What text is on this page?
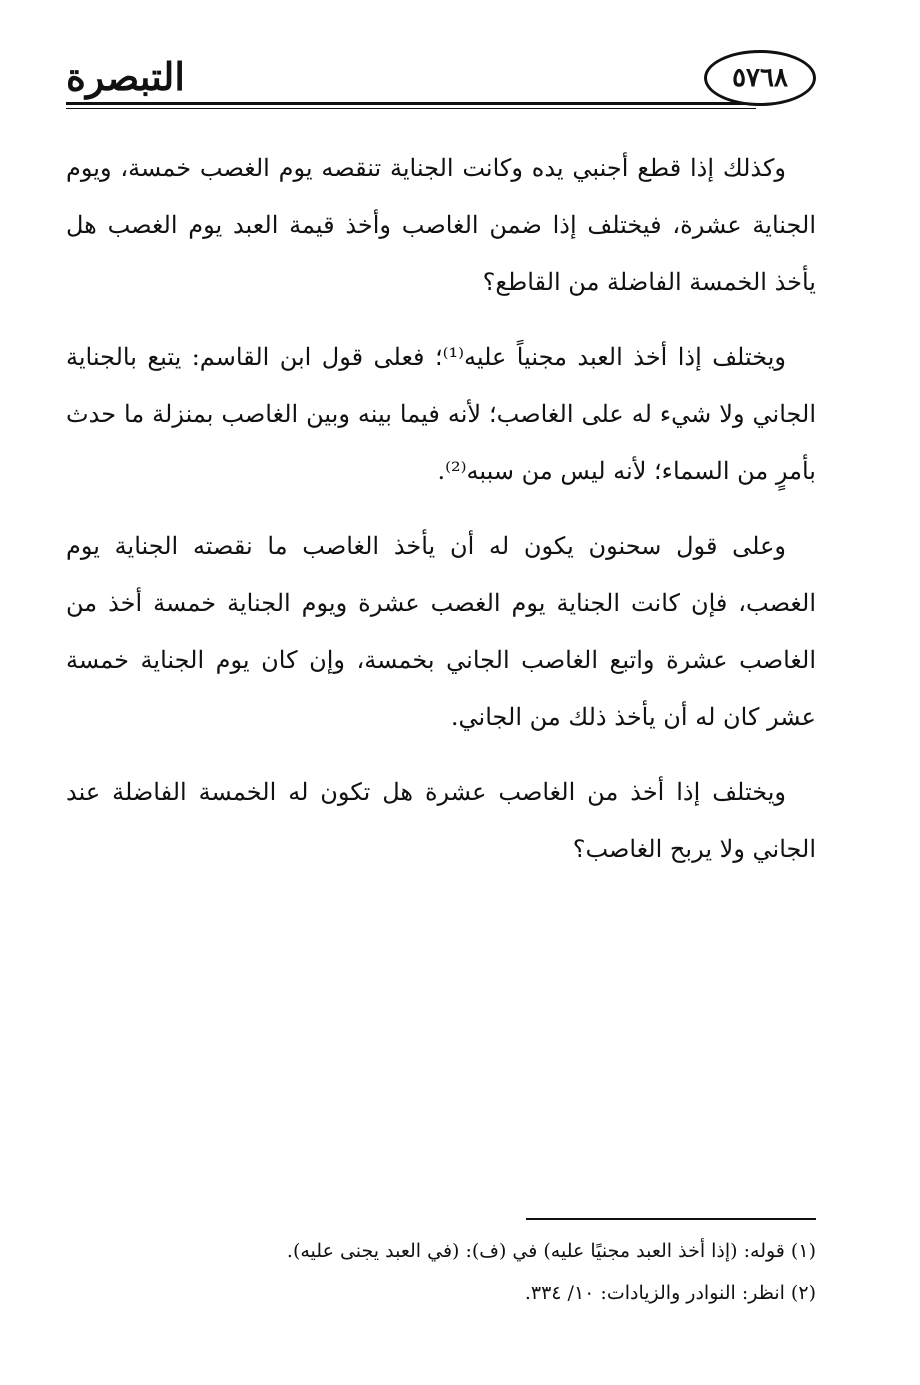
التبصرة	٥٧٦٨

وكذلك إذا قطع أجنبي يده وكانت الجناية تنقصه يوم الغصب خمسة، ويوم الجناية عشرة، فيختلف إذا ضمن الغاصب وأخذ قيمة العبد يوم الغصب هل يأخذ الخمسة الفاضلة من القاطع؟

ويختلف إذا أخذ العبد مجنياً عليه⁽¹⁾؛ فعلى قول ابن القاسم: يتبع بالجناية الجاني ولا شيء له على الغاصب؛ لأنه فيما بينه وبين الغاصب بمنزلة ما حدث بأمرٍ من السماء؛ لأنه ليس من سببه⁽²⁾.

وعلى قول سحنون يكون له أن يأخذ الغاصب ما نقصته الجناية يوم الغصب، فإن كانت الجناية يوم الغصب عشرة ويوم الجناية خمسة أخذ من الغاصب عشرة واتبع الغاصب الجاني بخمسة، وإن كان يوم الجناية خمسة عشر كان له أن يأخذ ذلك من الجاني.

ويختلف إذا أخذ من الغاصب عشرة هل تكون له الخمسة الفاضلة عند الجاني ولا يربح الغاصب؟

(١) قوله: (إذا أخذ العبد مجنيًا عليه) في (ف): (في العبد يجنى عليه).

(٢) انظر: النوادر والزيادات: ١٠/ ٣٣٤.
